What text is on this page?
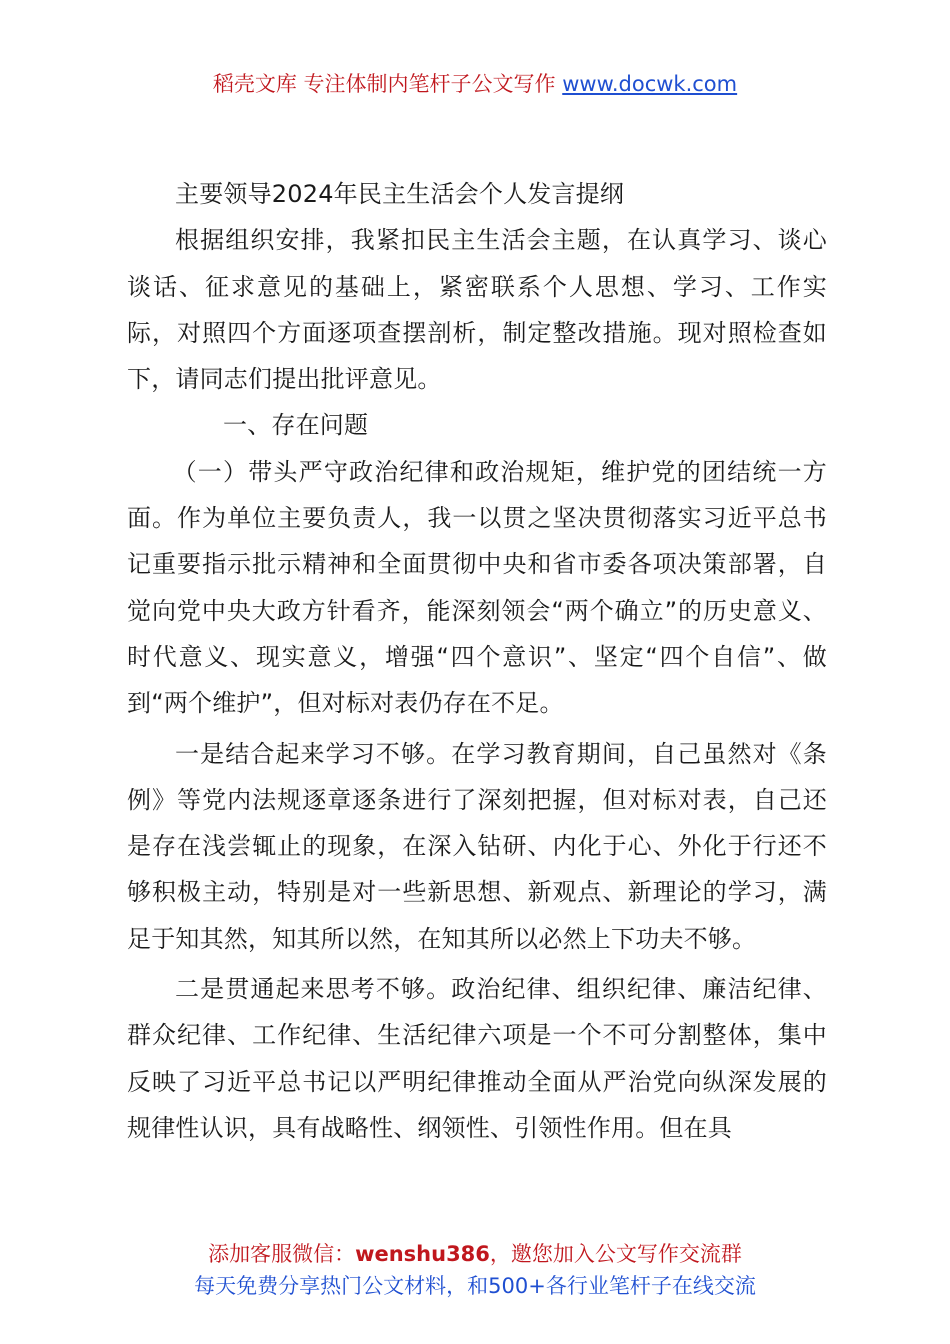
稻壳文库 专注体制内笔杆子公文写作 www.docwk.com

主要领导2024年民主生活会个人发言提纲

根据组织安排，我紧扣民主生活会主题，在认真学习、谈心谈话、征求意见的基础上，紧密联系个人思想、学习、工作实际，对照四个方面逐项查摆剖析，制定整改措施。现对照检查如下，请同志们提出批评意见。

一、存在问题

（一）带头严守政治纪律和政治规矩，维护党的团结统一方面。作为单位主要负责人，我一以贯之坚决贯彻落实习近平总书记重要指示批示精神和全面贯彻中央和省市委各项决策部署，自觉向党中央大政方针看齐，能深刻领会“两个确立”的历史意义、时代意义、现实意义，增强“四个意识”、坚定“四个自信”、做到“两个维护”，但对标对表仍存在不足。

一是结合起来学习不够。在学习教育期间，自己虽然对《条例》等党内法规逐章逐条进行了深刻把握，但对标对表，自己还是存在浅尝辄止的现象，在深入钻研、内化于心、外化于行还不够积极主动，特别是对一些新思想、新观点、新理论的学习，满足于知其然，知其所以然，在知其所以必然上下功夫不够。

二是贯通起来思考不够。政治纪律、组织纪律、廉洁纪律、群众纪律、工作纪律、生活纪律六项是一个不可分割整体，集中反映了习近平总书记以严明纪律推动全面从严治党向纵深发展的规律性认识，具有战略性、纲领性、引领性作用。但在具

添加客服微信：wenshu386，邀您加入公文写作交流群
每天免费分享热门公文材料，和500+各行业笔杆子在线交流
